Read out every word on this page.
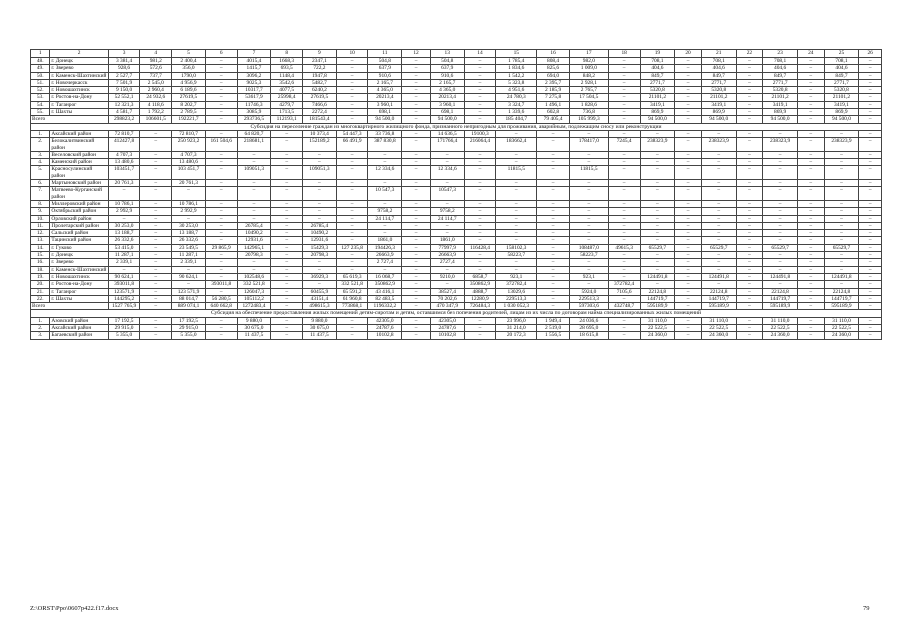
1	2	3	4	5	6	7	8	9	10	11	12	13	14	15	16	17	18	19	20	21	22	23	24	25	26
48.	г. Донецк	3 381,4	981,2	2 400,4	–	4015,4	1668,3	2347,1	–	504,8	–	504,8	–	1 785,4	808,4	982,0	–	708,1	–	708,1	–	708,1	–	708,1	–
49.	г. Зверево	928,6	572,6	356,0	–	1415,7	693,5	722,2	–	637,9	–	637,9	–	1 834,6	825,6	1 009,0	–	404,6	–	404,6	–	404,6	–	404,6	–
50.	г. Каменск-Шахтинский	2 527,7	737,7	1790,0	–	3096,2	1148,4	1947,8	–	910,6	–	910,6	–	1 542,2	694,0	848,2	–	849,7	–	849,7	–	849,7	–	849,7	–
51.	г. Новочеркасск	7 501,9	2 545,0	4 956,9	–	9025,3	3542,6	5482,7	–	2 165,7	–	2 165,7	–	5 323,8	2 395,7	2 928,1	–	2771,7	–	2771,7	–	2771,7	–	2771,7	–
52.	г. Новошахтинск	9 150,0	2 960,4	6 189,6	–	10317,7	4077,5	6240,2	–	4 365,0	–	4 365,0	–	4 951,6	2 185,9	2 765,7	–	5320,8	–	5320,8	–	5320,8	–	5320,8	–
53.	г. Ростов-на-Дону	52 552,1	24 932,6	27619,5	–	53617,9	25998,4	27619,5	–	20213,4	–	20213,4	–	24 780,3	7 275,8	17 504,5	–	21101,2	–	21101,2	–	21101,2	–	21101,2	–
54.	г. Таганрог	12 321,3	4 118,6	8 202,7	–	11746,3	4279,7	7466,6	–	3 960,1	–	3 960,1	–	3 324,7	1 496,1	1 828,6	–	3419,1	–	3419,1	–	3419,1	–	3419,1	–
55.	г. Шахты	4 581,7	1 792,2	2 789,5	–	3085,9	1713,5	2272,4	–	698,1	–	698,1	–	1 339,6	602,8	736,8	–	869,9	–	869,9	–	869,9	–	869,9	–
Всего		298823,2	106601,5	192221,7	–	293736,5	112193,1	181543,4	–	94 500,0	–	94 500,0	–	185 404,7	79 405,4	105 999,3	–	94 500,0	–	94 500,0	–	94 500,0	–	94 500,0	–
Субсидия на переселение граждан из многоквартирного жилищного фонда, признанного непригодным для проживания, аварийным, подлежащим сносу или реконструкции																									
1.	Аксайский район	72 810,7	–	72 810,7	–	64 820,7	–	10 373,4	54 447,3	33 736,8	–	14 636,5	19100,3	–	–	–	–	–	–	–	–	–	–	–	–
2.	Белокалитвинский район	412427,8	–	250 923,2	161 504,6	218681,1	–	152189,2	66 491,9	387 830,8	–	171766,4	216064,4	183662,4	–	178417,0	7245,4	238323,9	–	238323,9	–	238323,9	–	238323,9	–
3.	Веселовский район	4 707,3	–	4 707,3	–	–	–	–	–	–	–	–	–	–	–	–	–	–	–	–	–	–	–	–	–
4.	Каменский район	13 480,6	–	13 480,6	–	–	–	–	–	–	–	–	–	–	–	–	–	–	–	–	–	–	–	–	–
5.	Красносулинский район	103451,7	–	103 451,7	–	109051,3	–	109051,3	–	12 334,6	–	12 334,6	–	11815,5	–	11815,5	–	–	–	–	–	–	–	–	–
6.	Мартыновский район	20 761,3	–	20 761,3	–	–	–	–	–	–	–	–	–	–	–	–	–	–	–	–	–	–	–	–	–
7.	Матвеево-Курганский район	–	–	–	–	–	–	–	–	10 547,3	–	10547,3	–	–	–	–	–	–	–	–	–	–	–	–	–
8.	Миллеровский район	10 786,1	–	10 786,1	–	–	–	–	–	–	–	–	–	–	–	–	–	–	–	–	–	–	–	–	–
9.	Октябрьский район	2 992,9	–	2 992,9	–	–	–	–	–	9758,2	–	9758,2	–	–	–	–	–	–	–	–	–	–	–	–	–
10.	Орловский район	–	–	–	–	–	–	–	–	24 114,7	–	24 114,7	–	–	–	–	–	–	–	–	–	–	–	–	–
11.	Пролетарский район	30 253,0	–	30 253,0	–	26785,4	–	26785,4	–	–	–	–	–	–	–	–	–	–	–	–	–	–	–	–	–
12.	Сальский район	13 188,7	–	13 188,7	–	10490,2	–	10490,2	–	–	–	–	–	–	–	–	–	–	–	–	–	–	–	–	–
13.	Тацинский район	26 332,6	–	26 332,6	–	12931,6	–	12931,6	–	1861,0	–	1861,0	–	–	–	–	–	–	–	–	–	–	–	–	–
14.	г. Гуково	53 415,0	–	23 549,5	29 865,9	142965,1	–	15429,3	127 235,8	194426,3	–	77997,9	116428,4	158102,3	–	108487,0	49615,3	65529,7	–	65529,7	–	65529,7	–	65529,7	–
15.	г. Донецк	11 287,1	–	11 287,1	–	20798,3	–	20798,3	–	26663,9	–	26663,9	–	58223,7	–	58223,7	–	–	–	–	–	–	–	–	–
16.	г. Зверево	2 339,1	–	2 339,1	–	–	–	–	–	2 727,4	–	2727,4	–	–	–	–	–	–	–	–	–	–	–	–	–
18.	г. Каменск-Шахтинский	–	–	–	–	–	–	–	–	–	–	–	–	–	–	–	–	–	–	–	–	–	–	–	–
19.	г. Новошахтинск	90 624,1	–	90 624,1	–	102548,6	–	36929,3	65 619,3	16 068,7	–	9210,0	6858,7	923,1	–	923,1	–	124491,8	–	124491,8	–	124491,8	–	124491,8	–
20.	г. Ростов-на-Дону	393011,8	–	–	393011,8	332 521,8	–	–	332 521,8	350862,9	–	–	350862,9	372782,4	–	–	372782,4	–	–	–	–	–	–	–	–
21.	г. Таганрог	123571,9	–	123 571,9	–	126047,3	–	60455,9	65 591,2	43 416,1	–	38527,4	4888,7	13029,6	–	5924,0	7105,6	22124,8	–	22124,8	–	22124,8	–	22124,8	–
22.	г. Шахты	144295,2	–	88 014,7	56 280,5	105112,2	–	43151,4	61 960,8	82 483,5	–	70 202,6	12280,9	229513,3	–	229513,3	–	144719,7	–	144719,7	–	144719,7	–	144719,7	–
Всего		1527 765,9	–	889 074,1	640 662,8	1272483,4	–	498615,3	773868,1	1196332,2	–	470 347,9	726484,3	1 030 052,3	–	597303,6	432748,7	595189,9	–	595189,9	–	595189,9	–	595189,9	–
Субсидия на обеспечение предоставления жилых помещений детям-сиротам и детям, оставшимся без попечения родителей, лицам из их числа по договорам найма специализированных жилых помещений																									
1.	Азовский район	17 192,5	–	17 192,5	–	9 880,0	–	9 880,0	–	42305,0	–	42305,0	–	23 996,0	1 949,4	24 036,6	–	31 110,0	–	31 110,0	–	31 110,0	–	31 110,0	–
2.	Аксайский район	29 915,0	–	29 915,0	–	30 675,0	–	30 675,0	–	24787,6	–	24787,6	–	31 214,0	2 519,0	28 695,0	–	22 522,5	–	22 522,5	–	22 522,5	–	22 522,5	–
3.	Багаевский район	5 355,0	–	5 355,0	–	11 437,5	–	11 437,5	–	10102,8	–	10102,8	–	20 172,3	1 556,5	18 615,8	–	24 360,0	–	24 360,0	–	24 360,0	–	24 360,0	–
Z:\ORST\Ppo\0607p422.f17.docx	79
